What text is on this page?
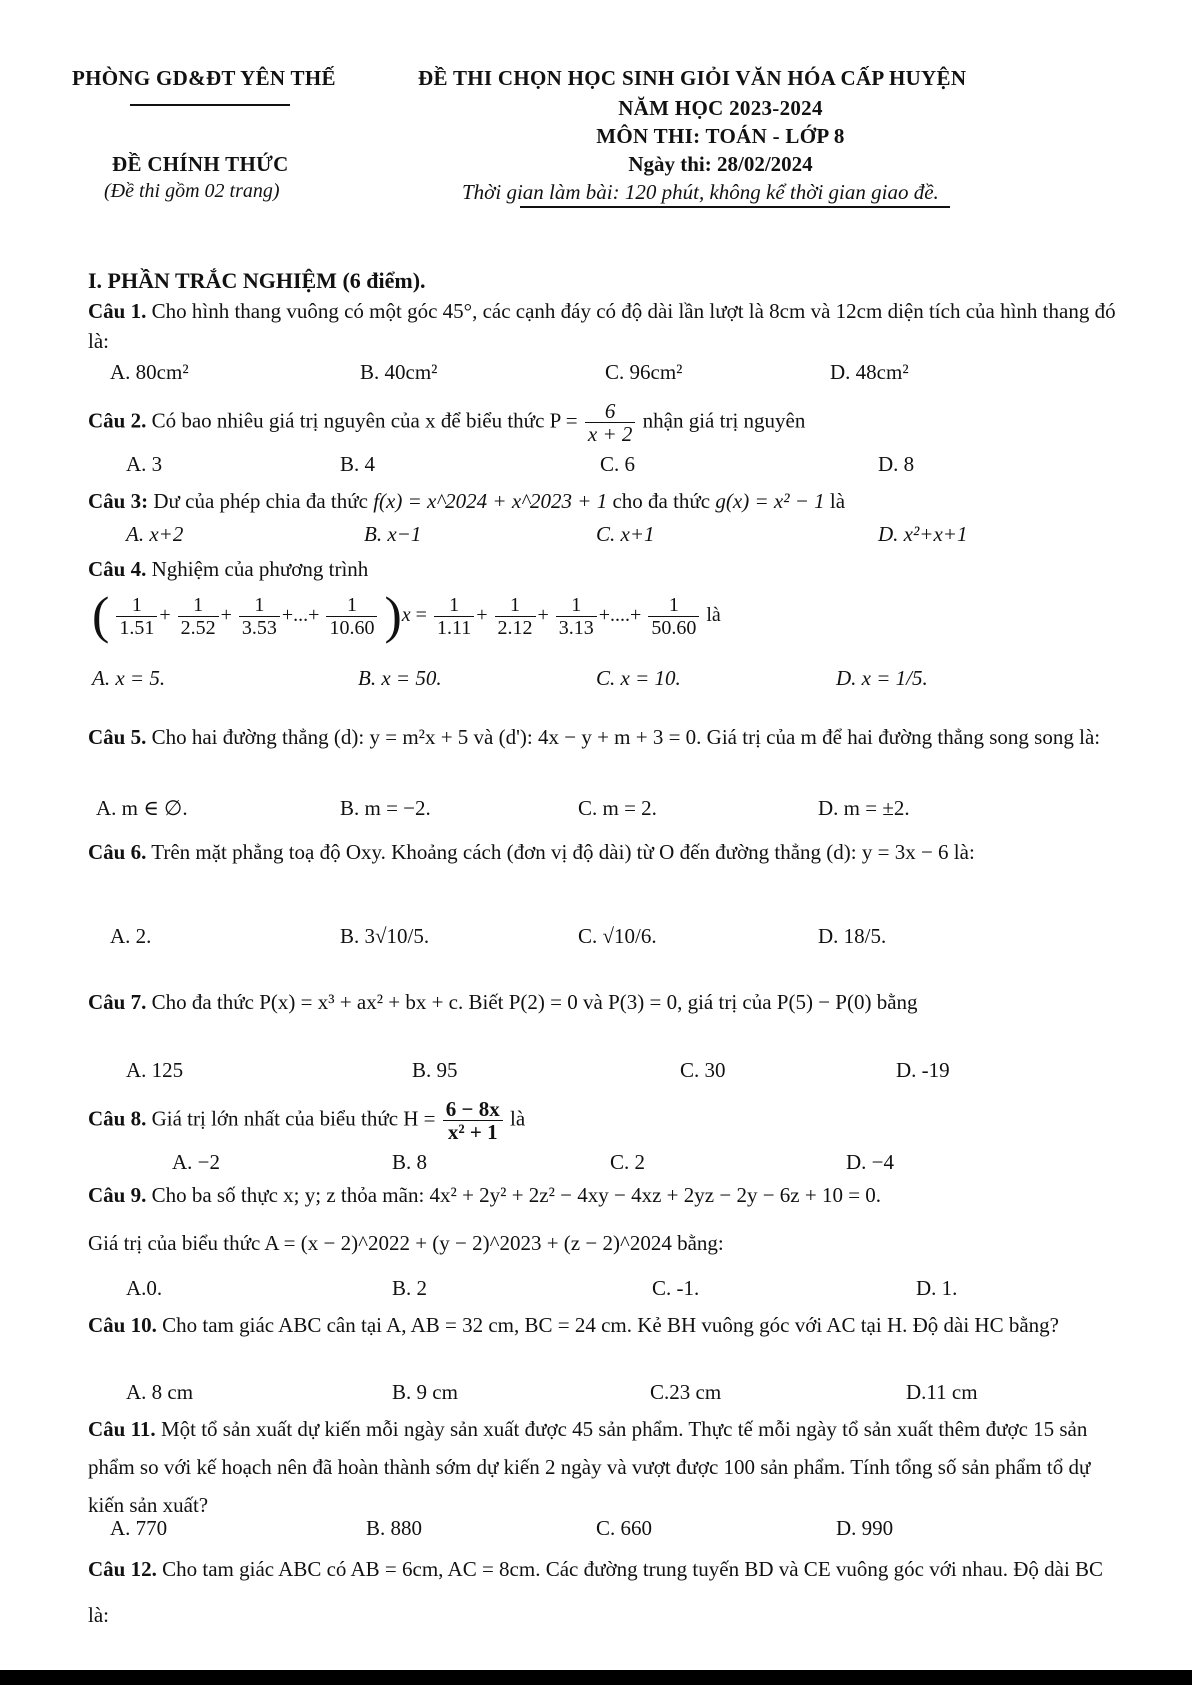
PHÒNG GD&ĐT YÊN THẾ	ĐỀ THI CHỌN HỌC SINH GIỎI VĂN HÓA CẤP HUYỆN
NĂM HỌC 2023-2024
MÔN THI: TOÁN - LỚP 8
ĐỀ CHÍNH THỨC
(Đề thi gồm 02 trang)
Ngày thi: 28/02/2024
Thời gian làm bài: 120 phút, không kể thời gian giao đề.
I. PHẦN TRẮC NGHIỆM (6 điểm).
Câu 1. Cho hình thang vuông có một góc 45°, các cạnh đáy có độ dài lần lượt là 8cm và 12cm diện tích của hình thang đó là:
A. 80cm²	B. 40cm²	C. 96cm²	D. 48cm²
Câu 2. Có bao nhiêu giá trị nguyên của x để biểu thức $P = \frac{6}{x + 2}$ nhận giá trị nguyên
A. 3	B. 4	C. 6	D. 8
Câu 3: Dư của phép chia đa thức f(x) = x^2024 + x^2023 + 1 cho đa thức g(x) = x² − 1 là
A. x+2	B. x−1	C. x+1	D. x²+x+1
Câu 4. Nghiệm của phương trình
( $\frac{1}{1.51} + \frac{1}{2.52} + \frac{1}{3.53}$ +...+ $\frac{1}{10.60} )x = \frac{1}{1.11} + \frac{1}{2.12} + \frac{1}{3.13}$ +....+ $\frac{1}{50.60}$ là
A. x = 5.	B. x = 50.	C. x = 10.	D. x = 1/5.
Câu 5. Cho hai đường thẳng (d): y = m²x + 5 và (d'): 4x − y + m + 3 = 0. Giá trị của m để hai đường thẳng song song là:
A. m ∈ ∅.	B. m = −2.	C. m = 2.	D. m = ±2.
Câu 6. Trên mặt phẳng toạ độ Oxy. Khoảng cách (đơn vị độ dài) từ O đến đường thẳng (d): y = 3x − 6 là:
A. 2.	B. 3√10/5.	C. √10/6.	D. 18/5.
Câu 7. Cho đa thức P(x) = x³ + ax² + bx + c. Biết P(2) = 0 và P(3) = 0, giá trị của P(5) − P(0) bằng
A. 125	B. 95	C. 30	D. -19
Câu 8. Giá trị lớn nhất của biểu thức $H = \frac{6 - 8x}{\text{x² + 1}}$ là
A. −2	B. 8	C. 2	D. −4
Câu 9. Cho ba số thực x; y; z thỏa mãn: 4x² + 2y² + 2z² − 4xy − 4xz + 2yz − 2y − 6z + 10 = 0.
Giá trị của biểu thức A = (x − 2)^2022 + (y − 2)^2023 + (z − 2)^2024 bằng:
A.0.	B. 2	C. -1.	D. 1.
Câu 10. Cho tam giác ABC cân tại A, AB = 32 cm, BC = 24 cm. Kẻ BH vuông góc với AC tại H. Độ dài HC bằng?
A. 8 cm	B. 9 cm	C.23 cm	D.11 cm
Câu 11. Một tổ sản xuất dự kiến mỗi ngày sản xuất được 45 sản phẩm. Thực tế mỗi ngày tổ sản xuất thêm được 15 sản phẩm so với kế hoạch nên đã hoàn thành sớm dự kiến 2 ngày và vượt được 100 sản phẩm. Tính tổng số sản phẩm tổ dự kiến sản xuất?
A. 770	B. 880	C. 660	D. 990
Câu 12. Cho tam giác ABC có AB = 6cm, AC = 8cm. Các đường trung tuyến BD và CE vuông góc với nhau. Độ dài BC là:
